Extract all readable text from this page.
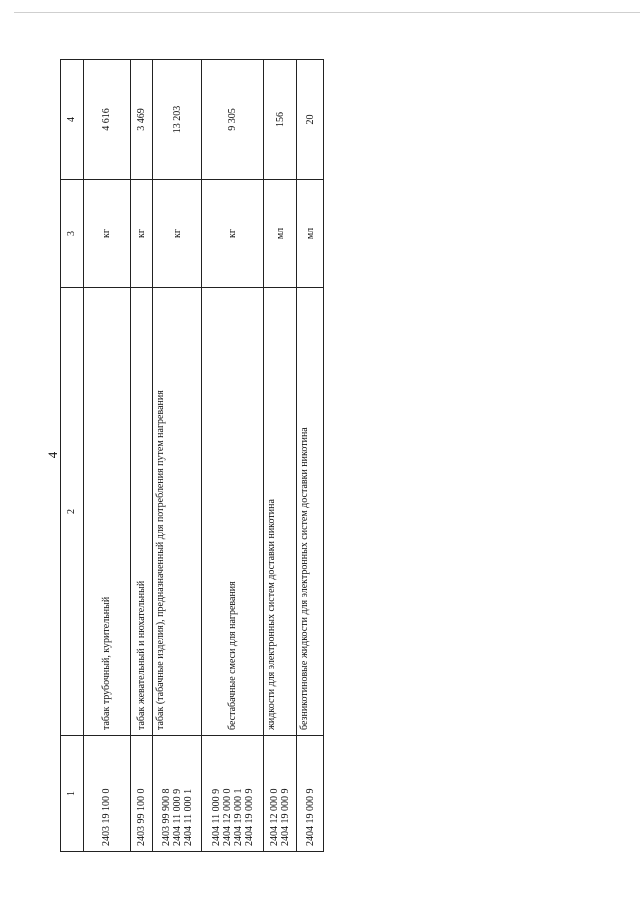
4
1	2	3	4

2403 19 100 0	табак трубочный, курительный	кг	4 616

2403 99 100 0	табак жевательный и нюхательный	кг	3 469

2403 99 900 8 2404 11 000 9 2404 11 000 1	табак (табачные изделия), предназначенный для потребления путем нагревания	кг	13 203

2404 11 000 9 2404 12 000 0 2404 19 000 1 2404 19 000 9	бестабачные смеси для нагревания	кг	9 305

2404 12 000 0 2404 19 000 9	жидкости для электронных систем доставки никотина	мл	156

2404 19 000 9	безникотиновые жидкости для электронных систем доставки никотина	мл	20
